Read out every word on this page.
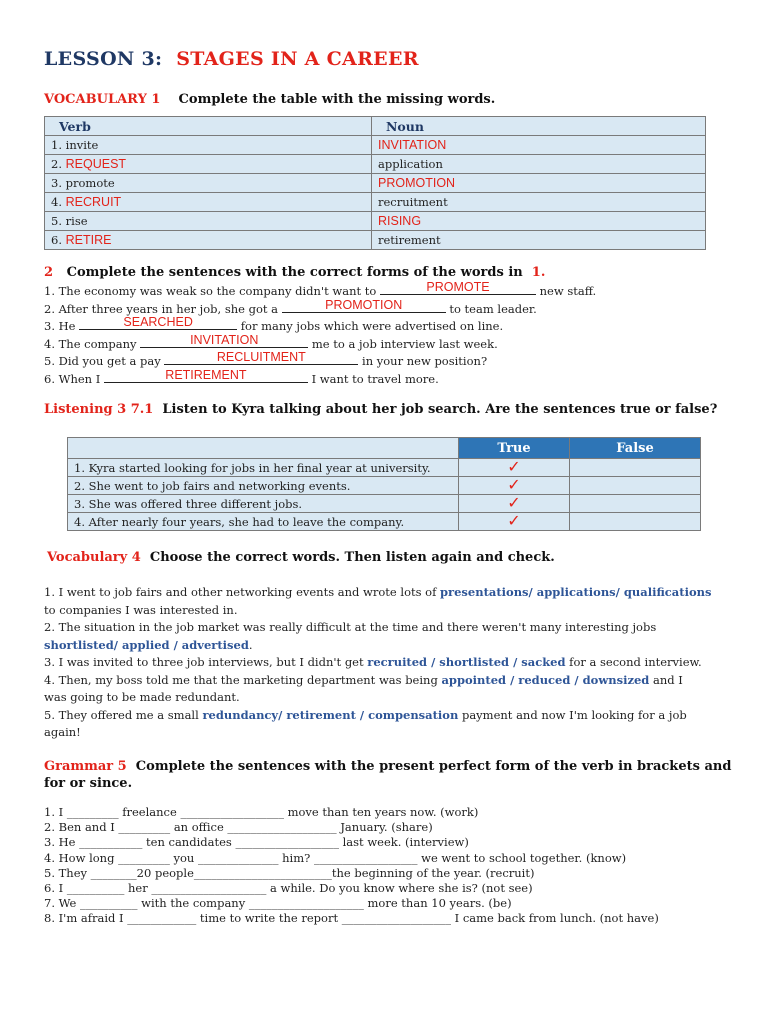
LESSON 3: STAGES IN A CAREER
VOCABULARY 1 Complete the table with the missing words.
Verb	Noun
1. invite	INVITATION
2. REQUEST	application
3. promote	PROMOTION
4. RECRUIT	recruitment
5. rise	RISING
6. RETIRE	retirement
2 Complete the sentences with the correct forms of the words in 1.
1. The economy was weak so the company didn't want to	PROMOTE	new staff.
2. After three years in her job, she got a	PROMOTION	to team leader.
3. He	SEARCHED	for many jobs which were advertised on line.
4. The company	INVITATION	me to a job interview last week.
5. Did you get a pay	RECLUITMENT	in your new position?
6. When I	RETIREMENT	I want to travel more.
Listening 3 7.1 Listen to Kyra talking about her job search. Are the sentences true or false?
	True	False
1. Kyra started looking for jobs in her final year at university.	✓	
2. She went to job fairs and networking events.	✓	
3. She was offered three different jobs.	✓	
4. After nearly four years, she had to leave the company.	✓	
Vocabulary 4 Choose the correct words. Then listen again and check.
1. I went to job fairs and other networking events and wrote lots of presentations/ applications/ qualifications
to companies I was interested in.
2. The situation in the job market was really difficult at the time and there weren't many interesting jobs
shortlisted/ applied / advertised.
3. I was invited to three job interviews, but I didn't get recruited / shortlisted / sacked for a second interview.
4. Then, my boss told me that the marketing department was being appointed / reduced / downsized and I
was going to be made redundant.
5. They offered me a small redundancy/ retirement / compensation payment and now I'm looking for a job
again!
Grammar 5 Complete the sentences with the present perfect form of the verb in brackets and
for or since.
1. I _________ freelance __________________ move than ten years now. (work)
2. Ben and I _________ an office ___________________ January. (share)
3. He ___________ ten candidates __________________ last week. (interview)
4. How long _________ you ______________ him? __________________ we went to school together. (know)
5. They ________20 people________________________the beginning of the year. (recruit)
6. I __________ her ____________________ a while. Do you know where she is? (not see)
7. We __________ with the company ____________________ more than 10 years. (be)
8. I'm afraid I ____________ time to write the report ___________________ I came back from lunch. (not have)
